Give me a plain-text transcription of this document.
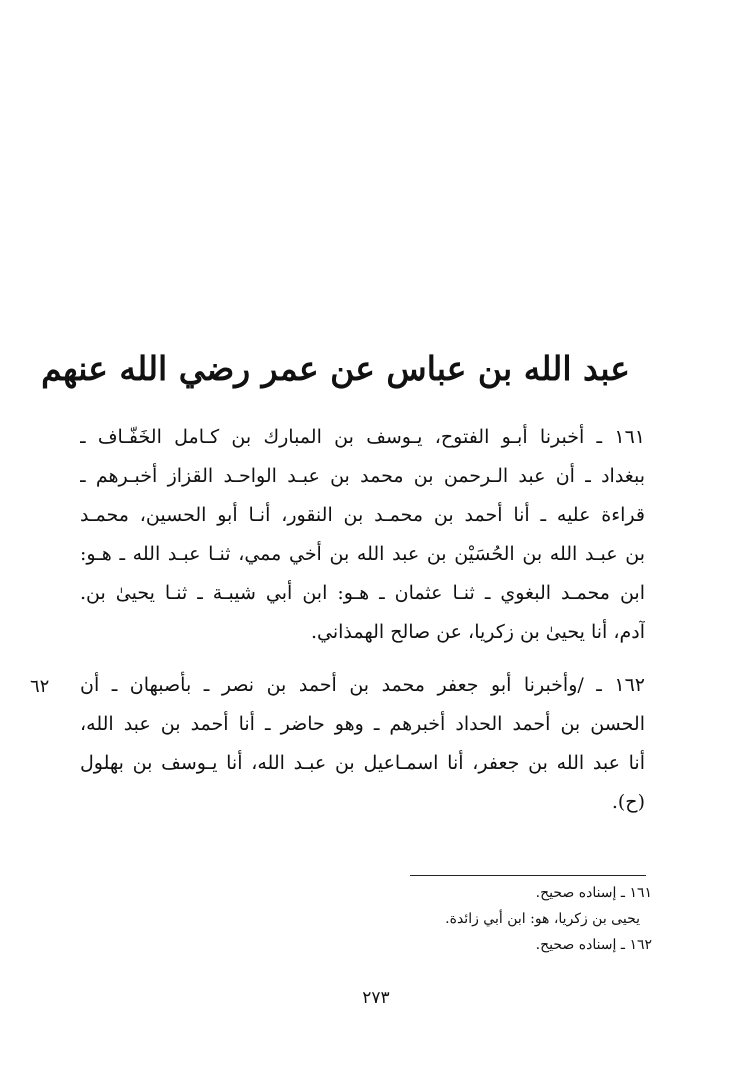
عبد الله بن عباس عن عمر رضي الله عنهم
١٦١ ـ أخبرنا أبـو الفتوح، يـوسف بن المبارك بن كـامل الخَفّـاف ـ
ببغداد ـ أن عبد الـرحمن بن محمد بن عبـد الواحـد القزاز أخبـرهم ـ
قراءة عليه ـ أنا أحمد بن محمـد بن النقور، أنـا أبو الحسين، محمـد
بن عبـد الله بن الحُسَيْن بن عبد الله بن أخي ممي، ثنـا عبـد الله ـ هـو:
ابن محمـد البغوي ـ ثنـا عثمان ـ هـو: ابن أبي شيبـة ـ ثنـا يحيىٰ بن.
آدم، أنا يحيىٰ بن زكريا، عن صالح الهمذاني.
١٦٢ ـ /وأخبرنا أبو جعفر محمد بن أحمد بن نصر ـ بأصبهان ـ أن
الحسن بن أحمد الحداد أخبرهم ـ وهو حاضر ـ أنا أحمد بن عبد الله،
أنا عبد الله بن جعفر، أنا اسمـاعيل بن عبـد الله، أنا يـوسف بن بهلول
(ح).
٦٢
١٦١ ـ إسناده صحيح.
يحيى بن زكريا، هو: ابن أبي زائدة.
١٦٢ ـ إسناده صحيح.
٢٧٣
